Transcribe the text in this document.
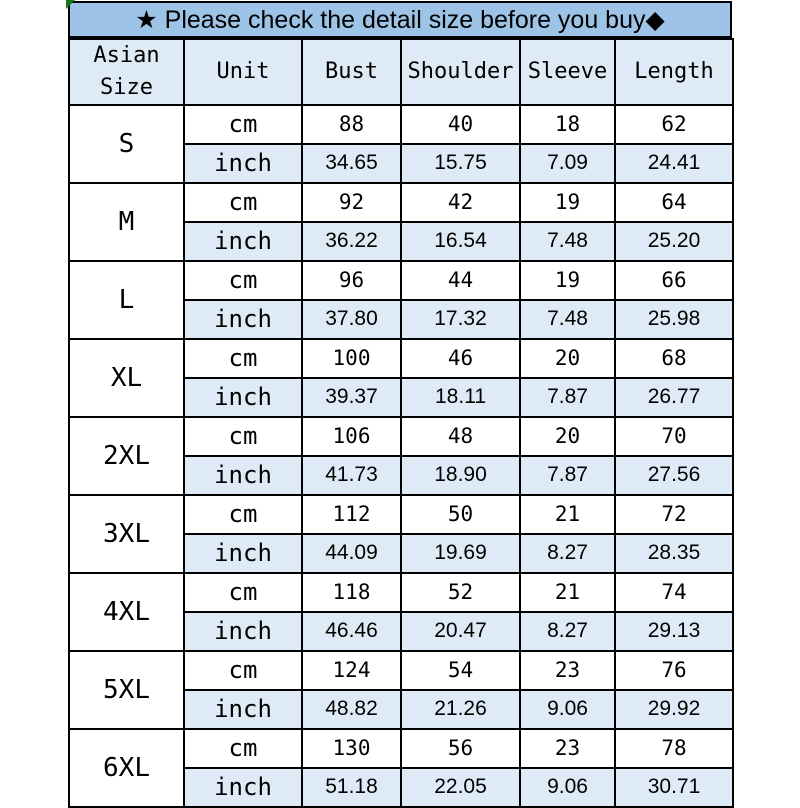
★ Please check the detail size before you buy◆
Asian Size	Unit	Bust	Shoulder	Sleeve	Length
S	cm	88	40	18	62
	inch	34.65	15.75	7.09	24.41
M	cm	92	42	19	64
	inch	36.22	16.54	7.48	25.20
L	cm	96	44	19	66
	inch	37.80	17.32	7.48	25.98
XL	cm	100	46	20	68
	inch	39.37	18.11	7.87	26.77
2XL	cm	106	48	20	70
	inch	41.73	18.90	7.87	27.56
3XL	cm	112	50	21	72
	inch	44.09	19.69	8.27	28.35
4XL	cm	118	52	21	74
	inch	46.46	20.47	8.27	29.13
5XL	cm	124	54	23	76
	inch	48.82	21.26	9.06	29.92
6XL	cm	130	56	23	78
	inch	51.18	22.05	9.06	30.71
